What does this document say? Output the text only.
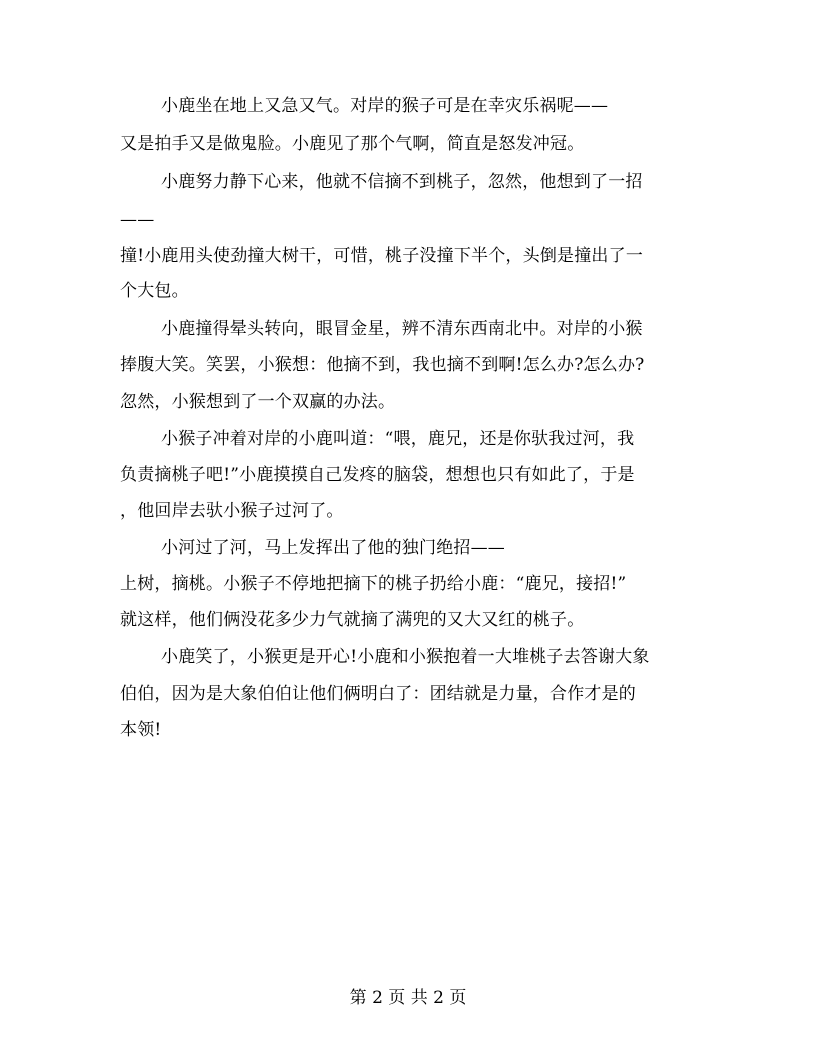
小鹿坐在地上又急又气。对岸的猴子可是在幸灾乐祸呢——
又是拍手又是做鬼脸。小鹿见了那个气啊，简直是怒发冲冠。
小鹿努力静下心来，他就不信摘不到桃子，忽然，他想到了一招
——
撞!小鹿用头使劲撞大树干，可惜，桃子没撞下半个，头倒是撞出了一
个大包。
小鹿撞得晕头转向，眼冒金星，辨不清东西南北中。对岸的小猴
捧腹大笑。笑罢，小猴想：他摘不到，我也摘不到啊!怎么办?怎么办?
忽然，小猴想到了一个双赢的办法。
小猴子冲着对岸的小鹿叫道：“喂，鹿兄，还是你驮我过河，我
负责摘桃子吧!”小鹿摸摸自己发疼的脑袋，想想也只有如此了，于是
，他回岸去驮小猴子过河了。
小河过了河，马上发挥出了他的独门绝招——
上树，摘桃。小猴子不停地把摘下的桃子扔给小鹿：“鹿兄，接招!”
就这样，他们俩没花多少力气就摘了满兜的又大又红的桃子。
小鹿笑了，小猴更是开心!小鹿和小猴抱着一大堆桃子去答谢大象
伯伯，因为是大象伯伯让他们俩明白了：团结就是力量，合作才是的
本领!
第 2 页 共 2 页
